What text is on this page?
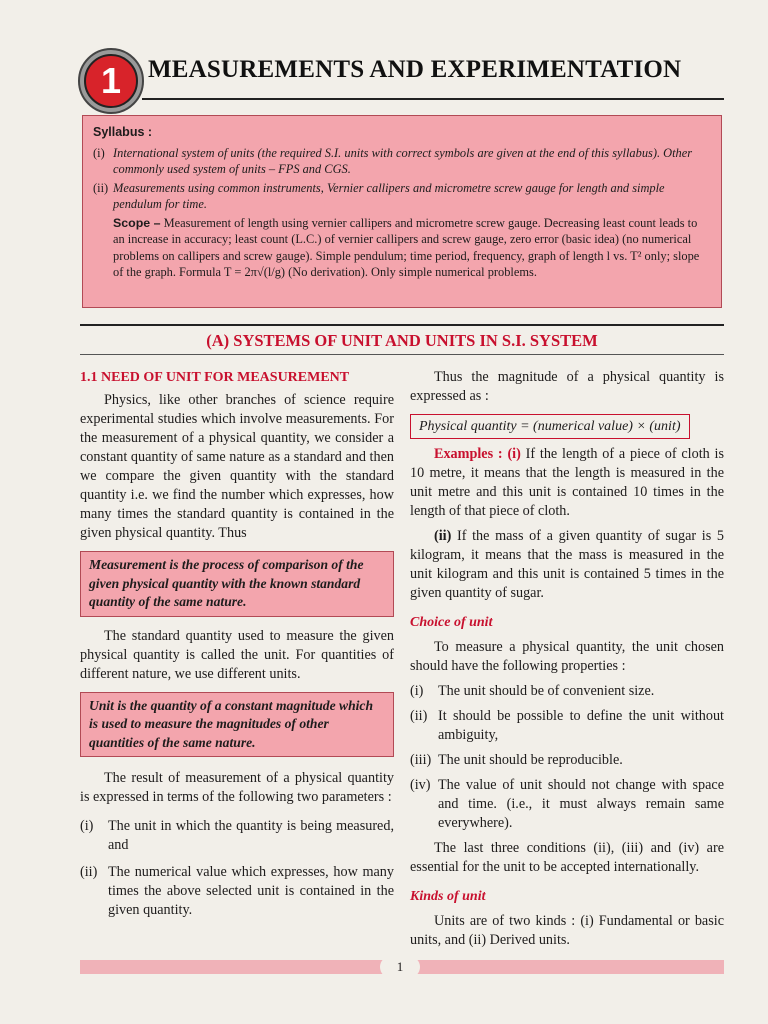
1	MEASUREMENTS AND EXPERIMENTATION
Syllabus :
(i) International system of units (the required S.I. units with correct symbols are given at the end of this syllabus). Other commonly used system of units – FPS and CGS.
(ii) Measurements using common instruments, Vernier callipers and micrometre screw gauge for length and simple pendulum for time.
Scope – Measurement of length using vernier callipers and micrometre screw gauge. Decreasing least count leads to an increase in accuracy; least count (L.C.) of vernier callipers and screw gauge, zero error (basic idea) (no numerical problems on callipers and screw gauge). Simple pendulum; time period, frequency, graph of length l vs. T² only; slope of the graph. Formula T = 2π√(l/g) (No derivation). Only simple numerical problems.
(A) SYSTEMS OF UNIT AND UNITS IN S.I. SYSTEM
1.1 NEED OF UNIT FOR MEASUREMENT

Physics, like other branches of science require experimental studies which involve measurements. For the measurement of a physical quantity, we consider a constant quantity of same nature as a standard and then we compare the given quantity with the standard quantity i.e. we find the number which expresses, how many times the standard quantity is contained in the given physical quantity. Thus

Measurement is the process of comparison of the given physical quantity with the known standard quantity of the same nature.

The standard quantity used to measure the given physical quantity is called the unit. For quantities of different nature, we use different units.

Unit is the quantity of a constant magnitude which is used to measure the magnitudes of other quantities of the same nature.

The result of measurement of a physical quantity is expressed in terms of the following two parameters :

(i) The unit in which the quantity is being measured, and
(ii) The numerical value which expresses, how many times the above selected unit is contained in the given quantity.

Thus the magnitude of a physical quantity is expressed as :

Physical quantity = (numerical value) × (unit)

Examples : (i) If the length of a piece of cloth is 10 metre, it means that the length is measured in the unit metre and this unit is contained 10 times in the length of that piece of cloth.

(ii) If the mass of a given quantity of sugar is 5 kilogram, it means that the mass is measured in the unit kilogram and this unit is contained 5 times in the given quantity of sugar.

Choice of unit

To measure a physical quantity, the unit chosen should have the following properties :

(i) The unit should be of convenient size.
(ii) It should be possible to define the unit without ambiguity,
(iii) The unit should be reproducible.
(iv) The value of unit should not change with space and time. (i.e., it must always remain same everywhere).

The last three conditions (ii), (iii) and (iv) are essential for the unit to be accepted internationally.

Kinds of unit

Units are of two kinds : (i) Fundamental or basic units, and (ii) Derived units.

1
